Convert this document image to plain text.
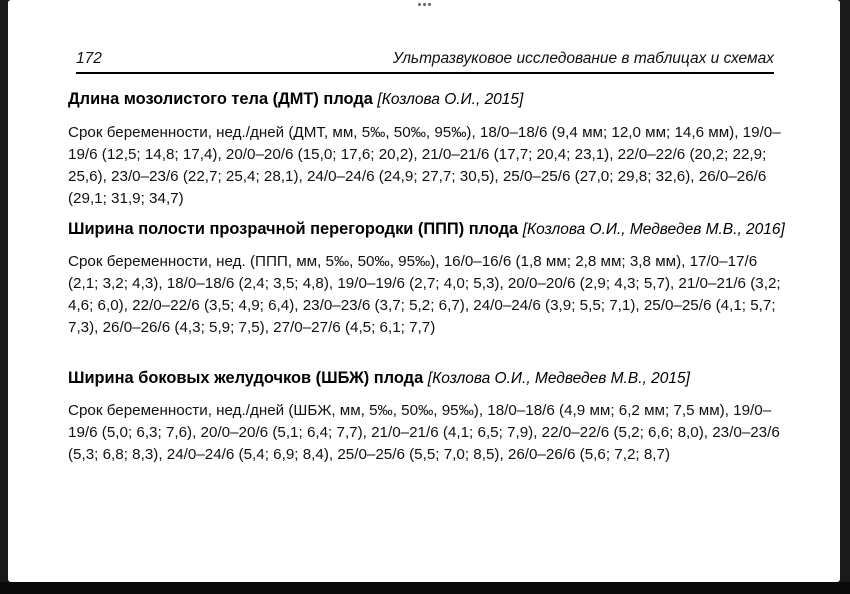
172	Ультразвуковое исследование в таблицах и схемах
Длина мозолистого тела (ДМТ) плода [Козлова О.И., 2015]

Срок беременности, нед./дней (ДМТ, мм, 5‰, 50‰, 95‰), 18/0–18/6 (9,4 мм; 12,0 мм; 14,6 мм), 19/0–19/6 (12,5; 14,8; 17,4), 20/0–20/6 (15,0; 17,6; 20,2), 21/0–21/6 (17,7; 20,4; 23,1), 22/0–22/6 (20,2; 22,9; 25,6), 23/0–23/6 (22,7; 25,4; 28,1), 24/0–24/6 (24,9; 27,7; 30,5), 25/0–25/6 (27,0; 29,8; 32,6), 26/0–26/6 (29,1; 31,9; 34,7)

Ширина полости прозрачной перегородки (ППП) плода [Козлова О.И., Медведев М.В., 2016]

Срок беременности, нед. (ППП, мм, 5‰, 50‰, 95‰), 16/0–16/6 (1,8 мм; 2,8 мм; 3,8 мм), 17/0–17/6 (2,1; 3,2; 4,3), 18/0–18/6 (2,4; 3,5; 4,8), 19/0–19/6 (2,7; 4,0; 5,3), 20/0–20/6 (2,9; 4,3; 5,7), 21/0–21/6 (3,2; 4,6; 6,0), 22/0–22/6 (3,5; 4,9; 6,4), 23/0–23/6 (3,7; 5,2; 6,7), 24/0–24/6 (3,9; 5,5; 7,1), 25/0–25/6 (4,1; 5,7; 7,3), 26/0–26/6 (4,3; 5,9; 7,5), 27/0–27/6 (4,5; 6,1; 7,7)

Ширина боковых желудочков (ШБЖ) плода [Козлова О.И., Медведев М.В., 2015]

Срок беременности, нед./дней (ШБЖ, мм, 5‰, 50‰, 95‰), 18/0–18/6 (4,9 мм; 6,2 мм; 7,5 мм), 19/0–19/6 (5,0; 6,3; 7,6), 20/0–20/6 (5,1; 6,4; 7,7), 21/0–21/6 (4,1; 6,5; 7,9), 22/0–22/6 (5,2; 6,6; 8,0), 23/0–23/6 (5,3; 6,8; 8,3), 24/0–24/6 (5,4; 6,9; 8,4), 25/0–25/6 (5,5; 7,0; 8,5), 26/0–26/6 (5,6; 7,2; 8,7)
